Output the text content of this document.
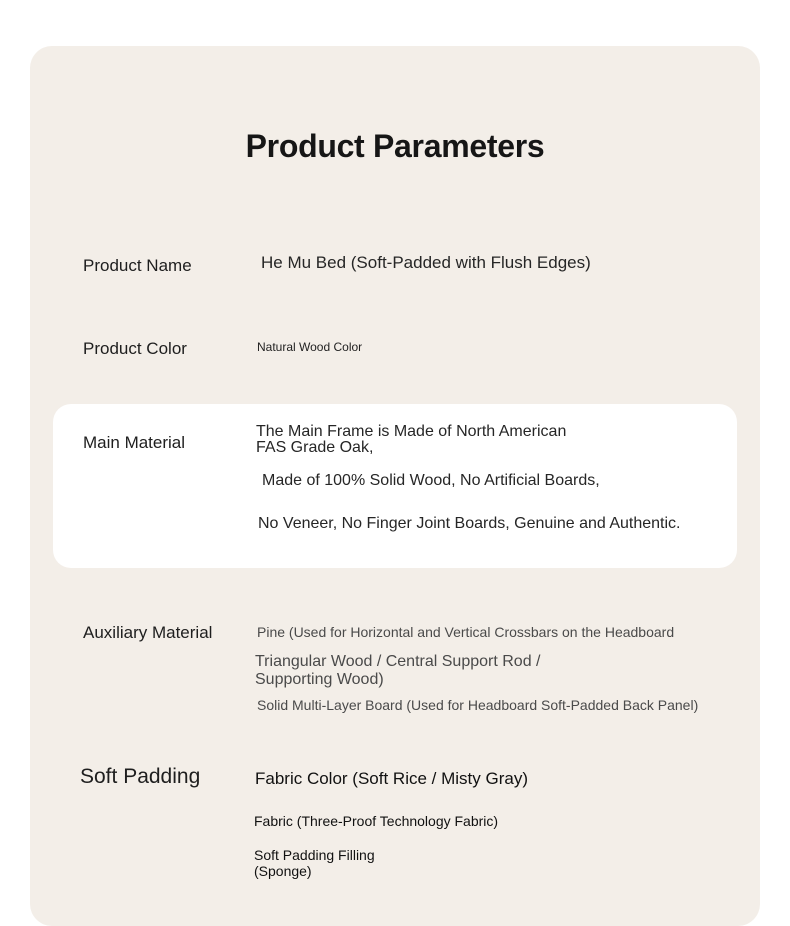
Product Parameters
Product Name	He Mu Bed (Soft-Padded with Flush Edges)
Product Color	Natural Wood Color
Main Material
The Main Frame is Made of North American
FAS Grade Oak,
Made of 100% Solid Wood, No Artificial Boards,
No Veneer, No Finger Joint Boards, Genuine and Authentic.
Auxiliary Material	Pine (Used for Horizontal and Vertical Crossbars on the Headboard
Triangular Wood / Central Support Rod /
Supporting Wood)
Solid Multi-Layer Board (Used for Headboard Soft-Padded Back Panel)
Soft Padding	Fabric Color (Soft Rice / Misty Gray)
Fabric (Three-Proof Technology Fabric)
Soft Padding Filling
(Sponge)
